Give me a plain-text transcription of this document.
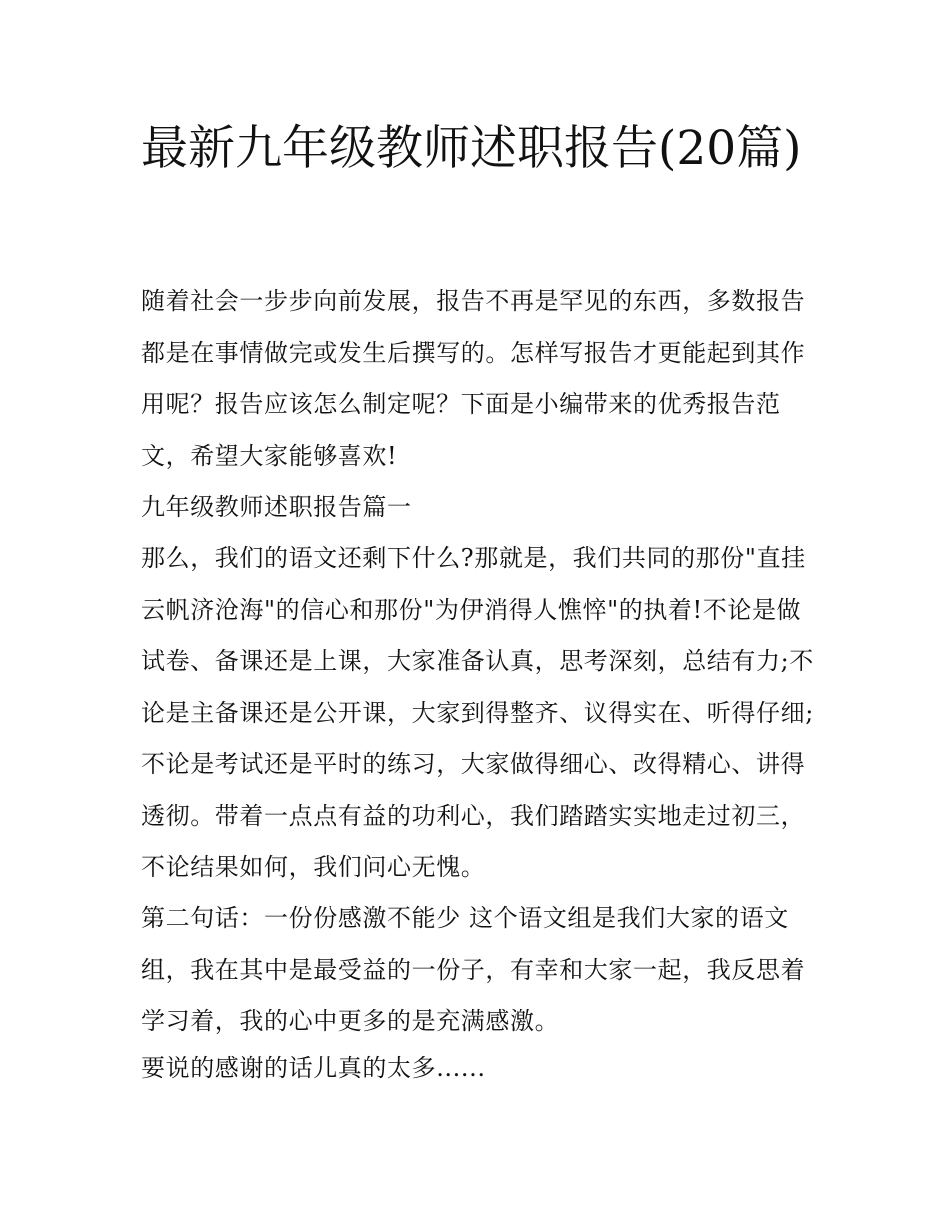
最新九年级教师述职报告(20篇)

随着社会一步步向前发展，报告不再是罕见的东西，多数报告都是在事情做完或发生后撰写的。怎样写报告才更能起到其作用呢？报告应该怎么制定呢？下面是小编带来的优秀报告范文，希望大家能够喜欢!

九年级教师述职报告篇一

那么，我们的语文还剩下什么?那就是，我们共同的那份"直挂云帆济沧海"的信心和那份"为伊消得人憔悴"的执着!不论是做试卷、备课还是上课，大家准备认真，思考深刻，总结有力;不论是主备课还是公开课，大家到得整齐、议得实在、听得仔细;不论是考试还是平时的练习，大家做得细心、改得精心、讲得透彻。带着一点点有益的功利心，我们踏踏实实地走过初三，不论结果如何，我们问心无愧。

第二句话：一份份感激不能少 这个语文组是我们大家的语文组，我在其中是最受益的一份子，有幸和大家一起，我反思着学习着，我的心中更多的是充满感激。

要说的感谢的话儿真的太多......
